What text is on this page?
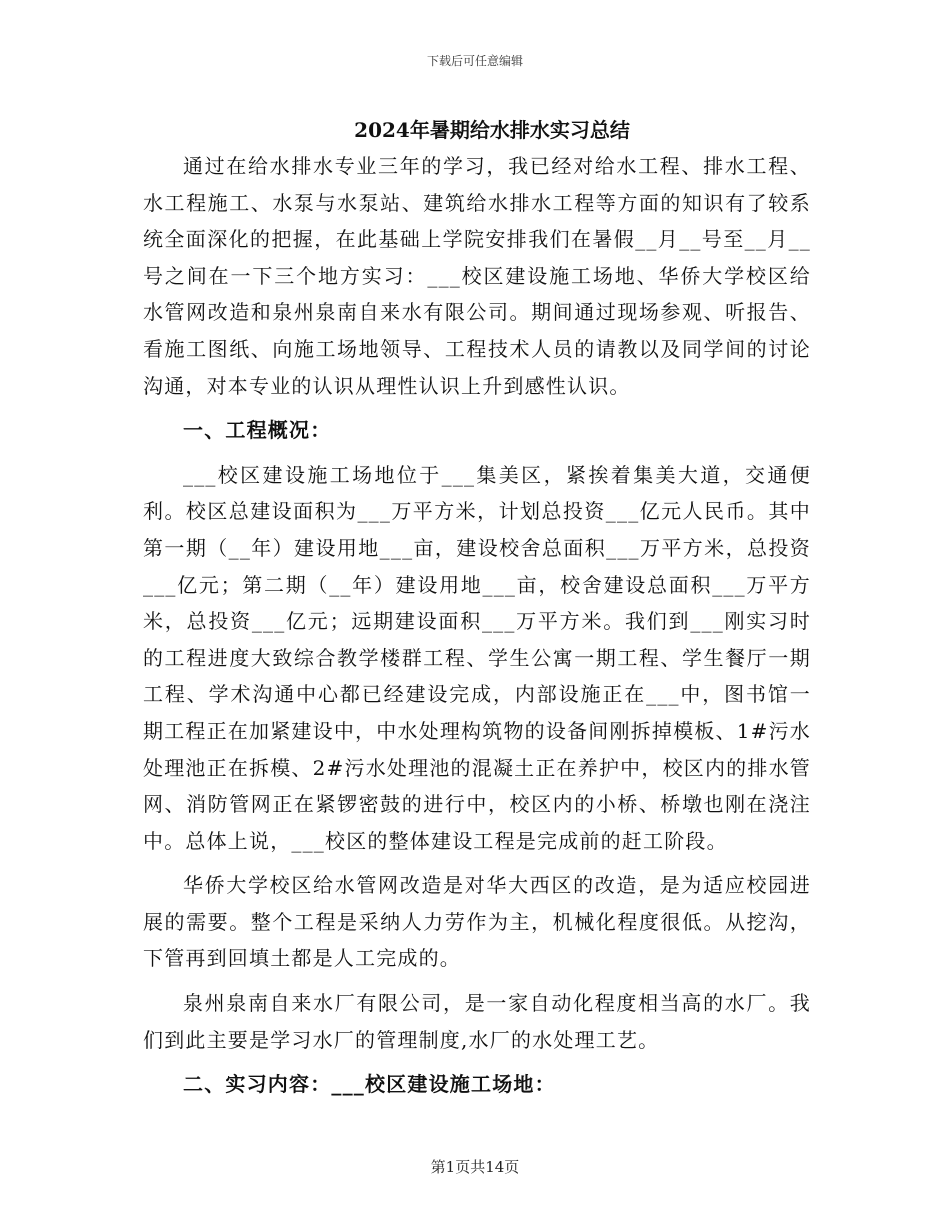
下载后可任意编辑
2024年暑期给水排水实习总结

通过在给水排水专业三年的学习，我已经对给水工程、排水工程、水工程施工、水泵与水泵站、建筑给水排水工程等方面的知识有了较系统全面深化的把握，在此基础上学院安排我们在暑假__月__号至__月__号之间在一下三个地方实习：___校区建设施工场地、华侨大学校区给水管网改造和泉州泉南自来水有限公司。期间通过现场参观、听报告、看施工图纸、向施工场地领导、工程技术人员的请教以及同学间的讨论沟通，对本专业的认识从理性认识上升到感性认识。

一、工程概况：

___校区建设施工场地位于___集美区，紧挨着集美大道，交通便利。校区总建设面积为___万平方米，计划总投资___亿元人民币。其中第一期（__年）建设用地___亩，建设校舍总面积___万平方米，总投资___亿元；第二期（__年）建设用地___亩，校舍建设总面积___万平方米，总投资___亿元；远期建设面积___万平方米。我们到___刚实习时的工程进度大致综合教学楼群工程、学生公寓一期工程、学生餐厅一期工程、学术沟通中心都已经建设完成，内部设施正在___中，图书馆一期工程正在加紧建设中，中水处理构筑物的设备间刚拆掉模板、1#污水处理池正在拆模、2#污水处理池的混凝土正在养护中，校区内的排水管网、消防管网正在紧锣密鼓的进行中，校区内的小桥、桥墩也刚在浇注中。总体上说，___校区的整体建设工程是完成前的赶工阶段。

华侨大学校区给水管网改造是对华大西区的改造，是为适应校园进展的需要。整个工程是采纳人力劳作为主，机械化程度很低。从挖沟，下管再到回填土都是人工完成的。

泉州泉南自来水厂有限公司，是一家自动化程度相当高的水厂。我们到此主要是学习水厂的管理制度,水厂的水处理工艺。

二、实习内容：___校区建设施工场地：

第1页共14页
